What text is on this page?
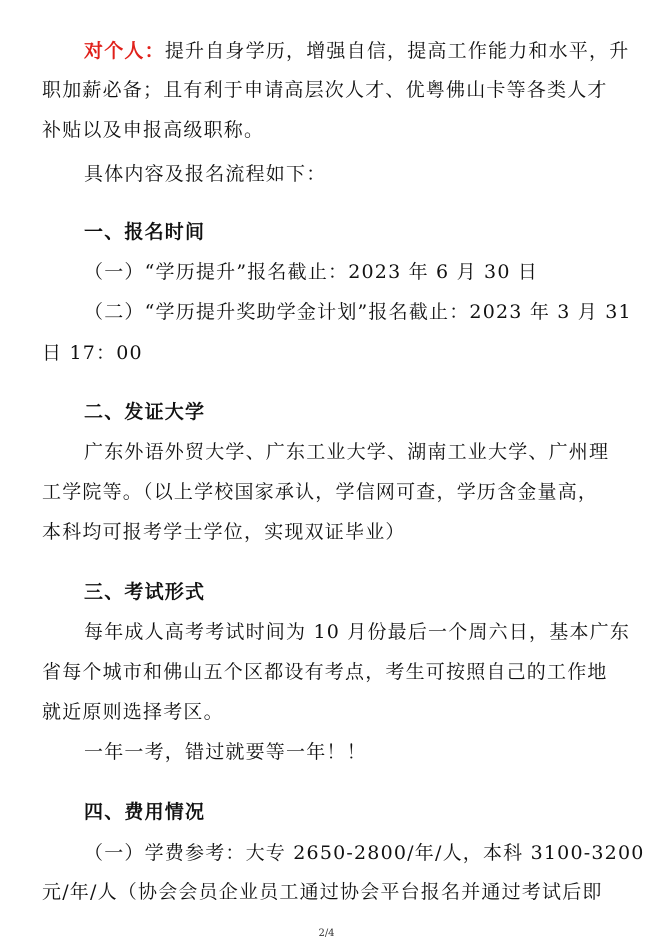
对个人：提升自身学历，增强自信，提高工作能力和水平，升
职加薪必备；且有利于申请高层次人才、优粤佛山卡等各类人才
补贴以及申报高级职称。
具体内容及报名流程如下：
一、报名时间
（一）“学历提升”报名截止：2023 年 6 月 30 日
（二）“学历提升奖助学金计划”报名截止：2023 年 3 月 31
日 17：00
二、发证大学
广东外语外贸大学、广东工业大学、湖南工业大学、广州理
工学院等。（以上学校国家承认，学信网可查，学历含金量高，
本科均可报考学士学位，实现双证毕业）
三、考试形式
每年成人高考考试时间为 10 月份最后一个周六日，基本广东
省每个城市和佛山五个区都设有考点，考生可按照自己的工作地
就近原则选择考区。
一年一考，错过就要等一年！！
四、费用情况
（一）学费参考：大专 2650-2800/年/人，本科 3100-3200
元/年/人（协会会员企业员工通过协会平台报名并通过考试后即
2/4
